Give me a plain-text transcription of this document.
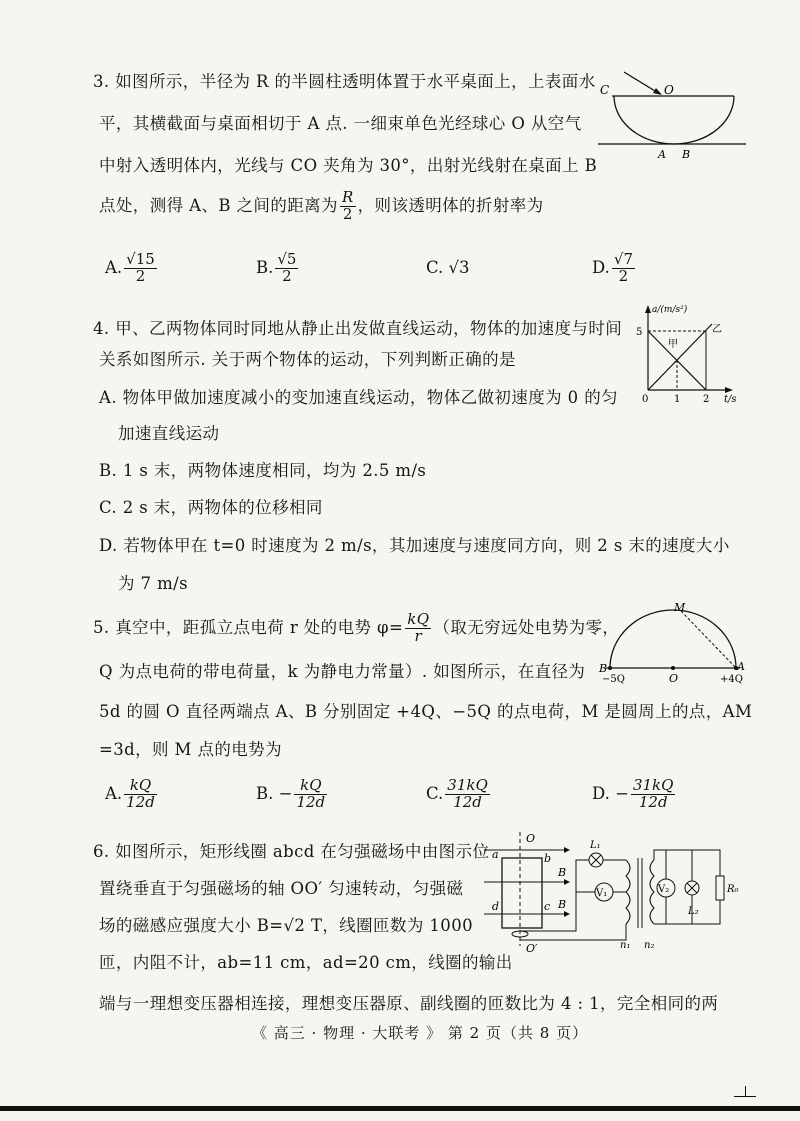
3. 如图所示，半径为 R 的半圆柱透明体置于水平桌面上，上表面水
平，其横截面与桌面相切于 A 点. 一细束单色光经球心 O 从空气
中射入透明体内，光线与 CO 夹角为 30°，出射光线射在桌面上 B
点处，测得 A、B 之间的距离为 $\frac{R}{2}$ ，则该透明体的折射率为
C	O
A B
A. $\frac{√15}{2}$	B. $\frac{√5}{2}$	C. √3	D. $\frac{√7}{2}$
4. 甲、乙两物体同时同地从静止出发做直线运动，物体的加速度与时间
关系如图所示. 关于两个物体的运动，下列判断正确的是
A. 物体甲做加速度减小的变加速直线运动，物体乙做初速度为 0 的匀
加速直线运动
B. 1 s 末，两物体速度相同，均为 2.5 m/s
C. 2 s 末，两物体的位移相同
D. 若物体甲在 t=0 时速度为 2 m/s，其加速度与速度同方向，则 2 s 末的速度大小
为 7 m/s
a/(m/s²)
5
甲
乙
0	1 2 t/s
5. 真空中，距孤立点电荷 r 处的电势 $\varphi= \frac{kQ}{r}$ （取无穷远处电势为零，
Q 为点电荷的带电荷量，k 为静电力常量）. 如图所示，在直径为
5d 的圆 O 直径两端点 A、B 分别固定 +4Q、−5Q 的点电荷，M 是圆周上的点，AM
=3d，则 M 点的电势为
M
B	A
O
−5Q	+4Q
A. $\frac{kQ}{12d}$	B. − $\frac{kQ}{12d}$	C. $\frac{31kQ}{12d}$	D. − $\frac{31kQ}{12d}$
6. 如图所示，矩形线圈 abcd 在匀强磁场中由图示位
置绕垂直于匀强磁场的轴 OO′ 匀速转动，匀强磁
场的磁感应强度大小 B=√2 T，线圈匝数为 1000
匝，内阻不计，ab=11 cm，ad=20 cm，线圈的输出
端与一理想变压器相连接，理想变压器原、副线圈的匝数比为 4 : 1，完全相同的两
O
O′
B
B
a	b
c
d
L₁
V₁
n₁ n₂
V₂
L₂
R₀
《 高三 · 物理 · 大联考 》 第 2 页（共 8 页）
